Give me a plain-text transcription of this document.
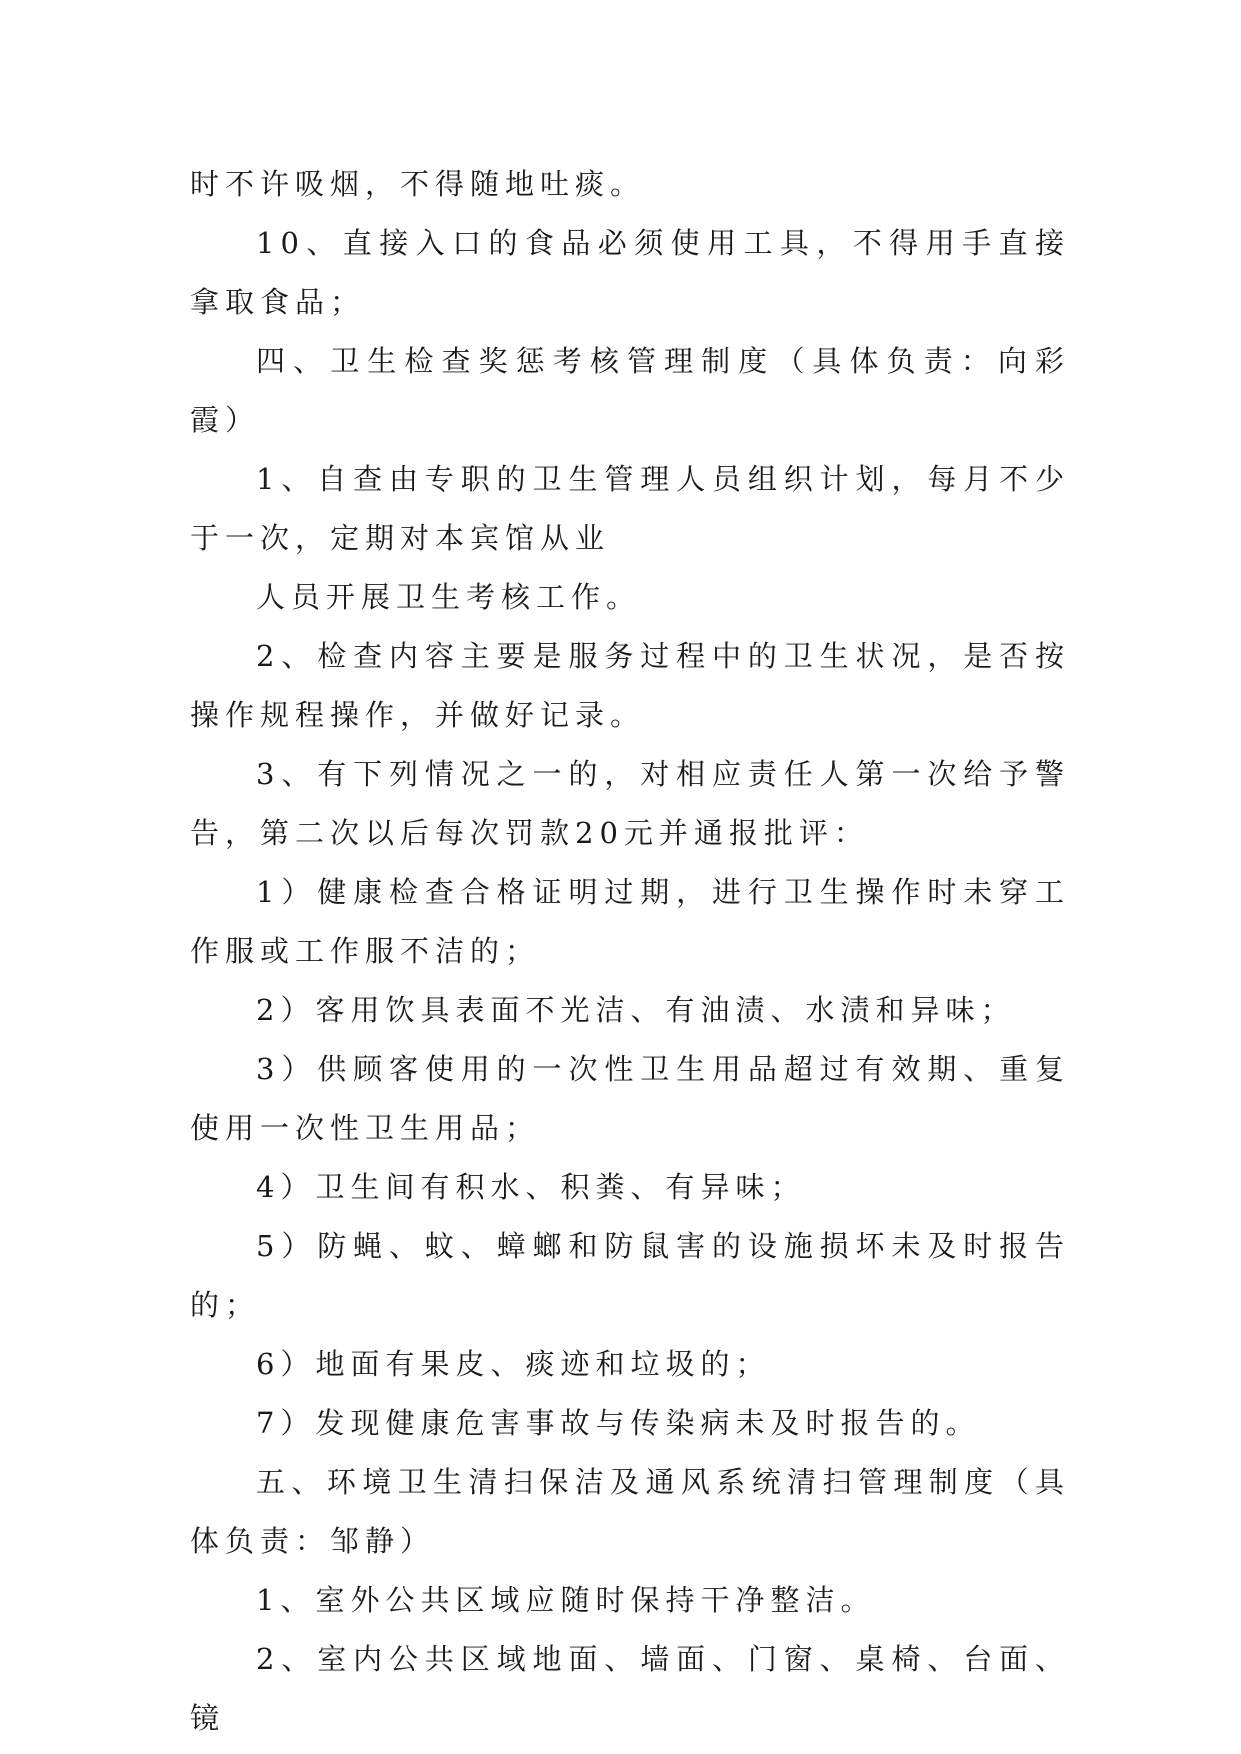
时不许吸烟，不得随地吐痰。

10、直接入口的食品必须使用工具，不得用手直接拿取食品；

四、卫生检查奖惩考核管理制度（具体负责：向彩霞）

1、自查由专职的卫生管理人员组织计划，每月不少于一次，定期对本宾馆从业

人员开展卫生考核工作。

2、检查内容主要是服务过程中的卫生状况，是否按操作规程操作，并做好记录。

3、有下列情况之一的，对相应责任人第一次给予警告，第二次以后每次罚款20元并通报批评：

1）健康检查合格证明过期，进行卫生操作时未穿工作服或工作服不洁的；

2）客用饮具表面不光洁、有油渍、水渍和异味；

3）供顾客使用的一次性卫生用品超过有效期、重复使用一次性卫生用品；

4）卫生间有积水、积粪、有异味；

5）防蝇、蚊、蟑螂和防鼠害的设施损坏未及时报告的；

6）地面有果皮、痰迹和垃圾的；

7）发现健康危害事故与传染病未及时报告的。

五、环境卫生清扫保洁及通风系统清扫管理制度（具体负责：邹静）

1、室外公共区域应随时保持干净整洁。

2、室内公共区域地面、墙面、门窗、桌椅、台面、镜
